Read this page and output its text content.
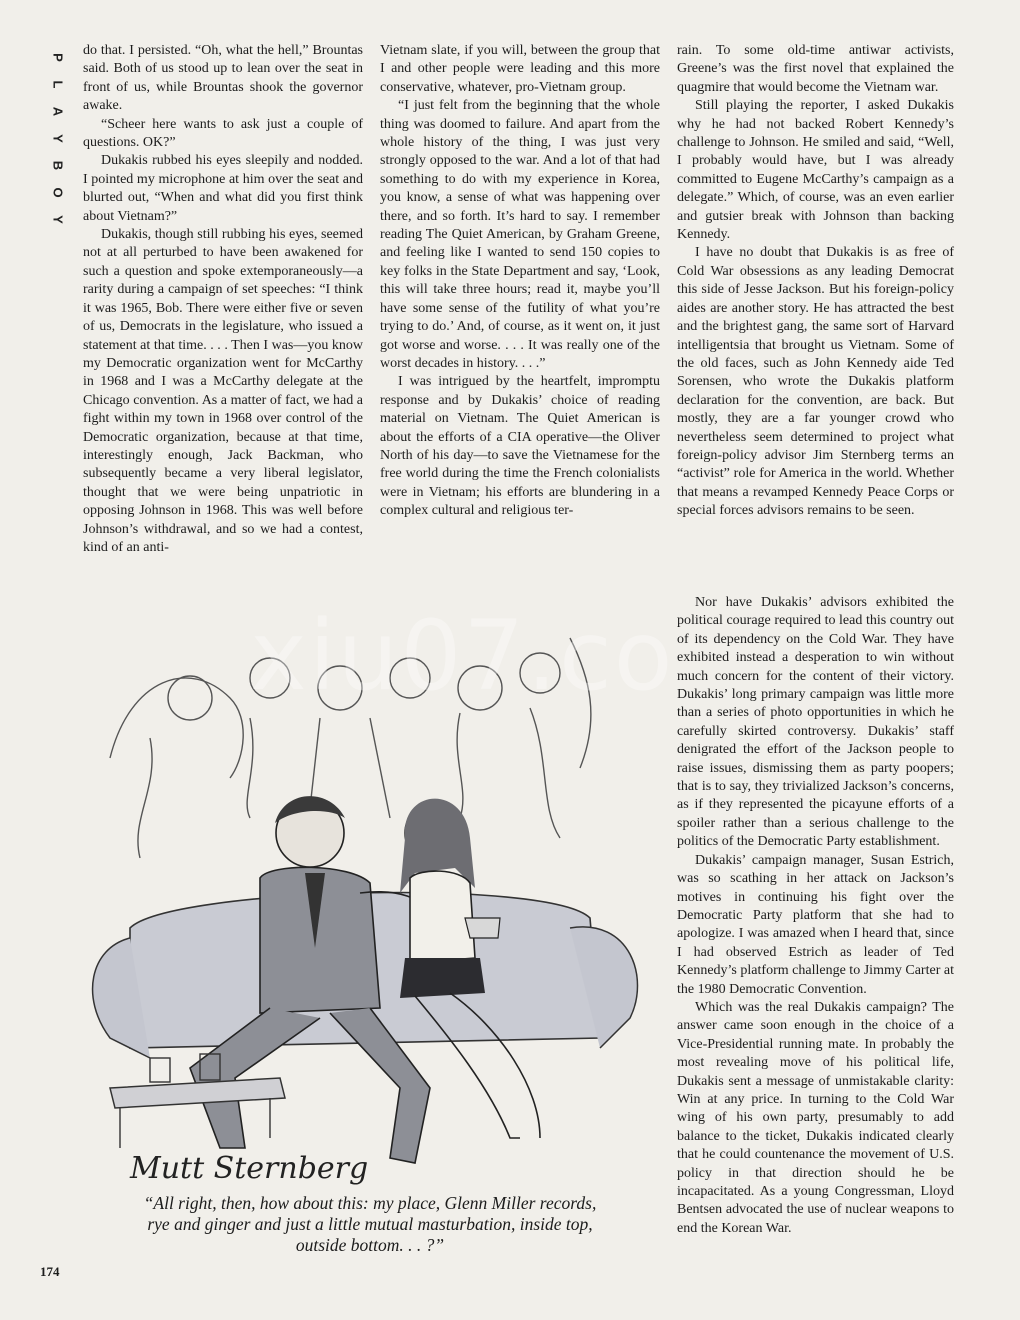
P
L
A
Y
B
O
Y

do that. I persisted. “Oh, what the hell,” Brountas said. Both of us stood up to lean over the seat in front of us, while Brountas shook the governor awake.

“Scheer here wants to ask just a couple of questions. OK?”

Dukakis rubbed his eyes sleepily and nodded. I pointed my microphone at him over the seat and blurted out, “When and what did you first think about Vietnam?”

Dukakis, though still rubbing his eyes, seemed not at all perturbed to have been awakened for such a question and spoke extemporaneously—a rarity during a campaign of set speeches: “I think it was 1965, Bob. There were either five or seven of us, Democrats in the legislature, who issued a statement at that time. . . . Then I was—you know my Democratic organization went for McCarthy in 1968 and I was a McCarthy delegate at the Chicago convention. As a matter of fact, we had a fight within my town in 1968 over control of the Democratic organization, because at that time, interestingly enough, Jack Backman, who subsequently became a very liberal legislator, thought that we were being unpatriotic in opposing Johnson in 1968. This was well before Johnson’s withdrawal, and so we had a contest, kind of an anti-

Vietnam slate, if you will, between the group that I and other people were leading and this more conservative, whatever, pro-Vietnam group.

“I just felt from the beginning that the whole thing was doomed to failure. And apart from the whole history of the thing, I was just very strongly opposed to the war. And a lot of that had something to do with my experience in Korea, you know, a sense of what was happening over there, and so forth. It’s hard to say. I remember reading The Quiet American, by Graham Greene, and feeling like I wanted to send 150 copies to key folks in the State Department and say, ‘Look, this will take three hours; read it, maybe you’ll have some sense of the futility of what you’re trying to do.’ And, of course, as it went on, it just got worse and worse. . . . It was really one of the worst decades in history. . . .”

I was intrigued by the heartfelt, impromptu response and by Dukakis’ choice of reading material on Vietnam. The Quiet American is about the efforts of a CIA operative—the Oliver North of his day—to save the Vietnamese for the free world during the time the French colonialists were in Vietnam; his efforts are blundering in a complex cultural and religious ter-

rain. To some old-time antiwar activists, Greene’s was the first novel that explained the quagmire that would become the Vietnam war.

Still playing the reporter, I asked Dukakis why he had not backed Robert Kennedy’s challenge to Johnson. He smiled and said, “Well, I probably would have, but I was already committed to Eugene McCarthy’s campaign as a delegate.” Which, of course, was an even earlier and gutsier break with Johnson than backing Kennedy.

I have no doubt that Dukakis is as free of Cold War obsessions as any leading Democrat this side of Jesse Jackson. But his foreign-policy aides are another story. He has attracted the best and the brightest gang, the same sort of Harvard intelligentsia that brought us Vietnam. Some of the old faces, such as John Kennedy aide Ted Sorensen, who wrote the Dukakis platform declaration for the convention, are back. But mostly, they are a far younger crowd who nevertheless seem determined to project what foreign-policy advisor Jim Sternberg terms an “activist” role for America in the world. Whether that means a revamped Kennedy Peace Corps or special forces advisors remains to be seen.

Nor have Dukakis’ advisors exhibited the political courage required to lead this country out of its dependency on the Cold War. They have exhibited instead a desperation to win without much concern for the content of their victory. Dukakis’ long primary campaign was little more than a series of photo opportunities in which he carefully skirted controversy. Dukakis’ staff denigrated the effort of the Jackson people to raise issues, dismissing them as party poopers; that is to say, they trivialized Jackson’s concerns, as if they represented the picayune efforts of a spoiler rather than a serious challenge to the politics of the Democratic Party establishment.

Dukakis’ campaign manager, Susan Estrich, was so scathing in her attack on Jackson’s motives in continuing his fight over the Democratic Party platform that she had to apologize. I was amazed when I heard that, since I had observed Estrich as leader of Ted Kennedy’s platform challenge to Jimmy Carter at the 1980 Democratic Convention.

Which was the real Dukakis campaign? The answer came soon enough in the choice of a Vice-Presidential running mate. In probably the most revealing move of his political life, Dukakis sent a message of unmistakable clarity: Win at any price. In turning to the Cold War wing of his own party, presumably to add balance to the ticket, Dukakis indicated clearly that he could countenance the movement of U.S. policy in that direction should he be incapacitated. As a young Congressman, Lloyd Bentsen advocated the use of nuclear weapons to end the Korean War.

Mutt Sternberg
“All right, then, how about this: my place, Glenn Miller records, rye and ginger and just a little mutual masturbation, inside top, outside bottom. . . ?”
174
xiu07.co
